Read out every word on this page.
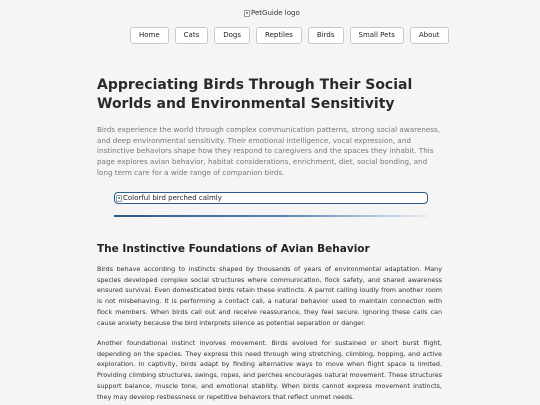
PetGuide logo
Home	Cats	Dogs	Reptiles	Birds	Small Pets	About
Appreciating Birds Through Their Social Worlds and Environmental Sensitivity

Birds experience the world through complex communication patterns, strong social awareness, and deep environmental sensitivity. Their emotional intelligence, vocal expression, and instinctive behaviors shape how they respond to caregivers and the spaces they inhabit. This page explores avian behavior, habitat considerations, enrichment, diet, social bonding, and long term care for a wide range of companion birds.

Colorful bird perched calmly
The Instinctive Foundations of Avian Behavior

Birds behave according to instincts shaped by thousands of years of environmental adaptation. Many species developed complex social structures where communication, flock safety, and shared awareness ensured survival. Even domesticated birds retain these instincts. A parrot calling loudly from another room is not misbehaving. It is performing a contact call, a natural behavior used to maintain connection with flock members. When birds call out and receive reassurance, they feel secure. Ignoring these calls can cause anxiety because the bird interprets silence as potential separation or danger.

Another foundational instinct involves movement. Birds evolved for sustained or short burst flight, depending on the species. They express this need through wing stretching, climbing, hopping, and active exploration. In captivity, birds adapt by finding alternative ways to move when flight space is limited. Providing climbing structures, swings, ropes, and perches encourages natural movement. These structures support balance, muscle tone, and emotional stability. When birds cannot express movement instincts, they may develop restlessness or repetitive behaviors that reflect unmet needs.
